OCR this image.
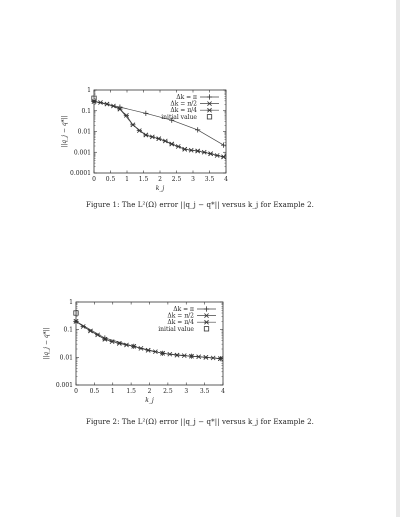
0 0.5 1 1.5 2 2.5 3 3.5 4
0.0001
0.001
0.01
0.1
1
k_j
||q_j − q*||
Δk = π
Δk = π/2
Δk = π/4
initial value
Figure 1: The L²(Ω) error ||q_j − q*|| versus k_j for Example 2.
0 0.5 1 1.5 2 2.5 3 3.5 4
0.001
0.01
0.1
1
k_j
||q_j − q*||
Δk = π
Δk = π/2
Δk = π/4
initial value
Figure 2: The L²(Ω) error ||q_j − q*|| versus k_j for Example 2.
